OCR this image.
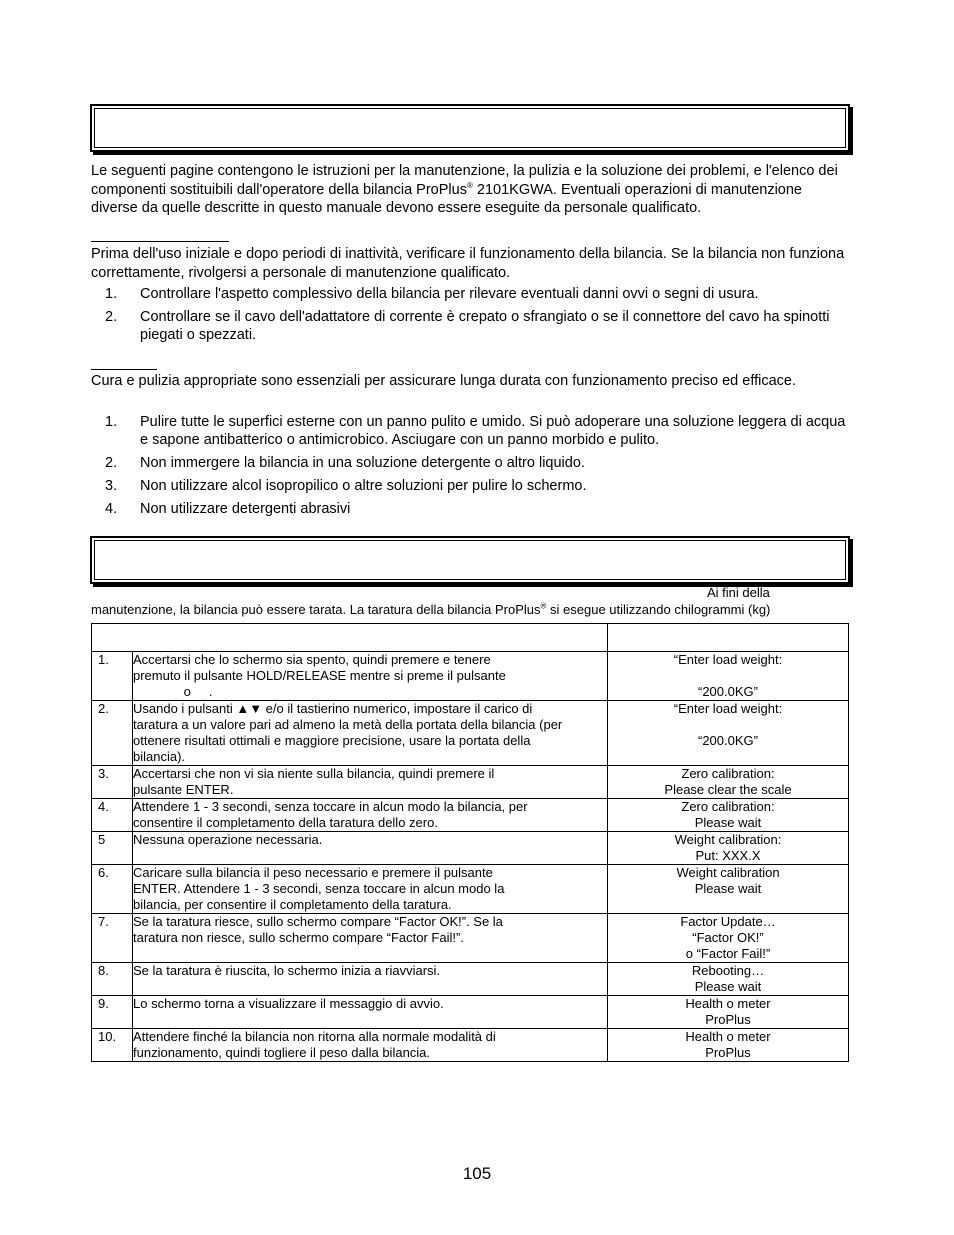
Le seguenti pagine contengono le istruzioni per la manutenzione, la pulizia e la soluzione dei problemi, e l'elenco dei componenti sostituibili dall'operatore della bilancia ProPlus® 2101KGWA. Eventuali operazioni di manutenzione diverse da quelle descritte in questo manuale devono essere eseguite da personale qualificato.
Prima dell'uso iniziale e dopo periodi di inattività, verificare il funzionamento della bilancia. Se la bilancia non funziona correttamente, rivolgersi a personale di manutenzione qualificato.
1. Controllare l'aspetto complessivo della bilancia per rilevare eventuali danni ovvi o segni di usura.
2. Controllare se il cavo dell'adattatore di corrente è crepato o sfrangiato o se il connettore del cavo ha spinotti piegati o spezzati.
Cura e pulizia appropriate sono essenziali per assicurare lunga durata con funzionamento preciso ed efficace.
1. Pulire tutte le superfici esterne con un panno pulito e umido. Si può adoperare una soluzione leggera di acqua e sapone antibatterico o antimicrobico. Asciugare con un panno morbido e pulito.
2. Non immergere la bilancia in una soluzione detergente o altro liquido.
3. Non utilizzare alcol isopropilico o altre soluzioni per pulire lo schermo.
4. Non utilizzare detergenti abrasivi
Ai fini della
manutenzione, la bilancia può essere tarata. La taratura della bilancia ProPlus® si esegue utilizzando chilogrammi (kg)

1.	Accertarsi che lo schermo sia spento, quindi premere e tenere
premuto il pulsante HOLD/RELEASE mentre si preme il pulsante
o     .	“Enter load weight:
“200.0KG”

2.	Usando i pulsanti ▲▼ e/o il tastierino numerico, impostare il carico di
taratura a un valore pari ad almeno la metà della portata della bilancia (per
ottenere risultati ottimali e maggiore precisione, usare la portata della
bilancia).	“Enter load weight:
“200.0KG”

3.	Accertarsi che non vi sia niente sulla bilancia, quindi premere il
pulsante ENTER.	Zero calibration:
Please clear the scale

4.	Attendere 1 - 3 secondi, senza toccare in alcun modo la bilancia, per
consentire il completamento della taratura dello zero.	Zero calibration:
Please wait

5	Nessuna operazione necessaria.	Weight calibration:
Put: XXX.X

6.	Caricare sulla bilancia il peso necessario e premere il pulsante
ENTER. Attendere 1 - 3 secondi, senza toccare in alcun modo la
bilancia, per consentire il completamento della taratura.	Weight calibration
Please wait

7.	Se la taratura riesce, sullo schermo compare “Factor OK!”. Se la
taratura non riesce, sullo schermo compare “Factor Fail!”.	Factor Update…
“Factor OK!”
o “Factor Fail!”

8.	Se la taratura è riuscita, lo schermo inizia a riavviarsi.	Rebooting…
Please wait

9.	Lo schermo torna a visualizzare il messaggio di avvio.	Health o meter
ProPlus

10.	Attendere finché la bilancia non ritorna alla normale modalità di
funzionamento, quindi togliere il peso dalla bilancia.	Health o meter
ProPlus
105
